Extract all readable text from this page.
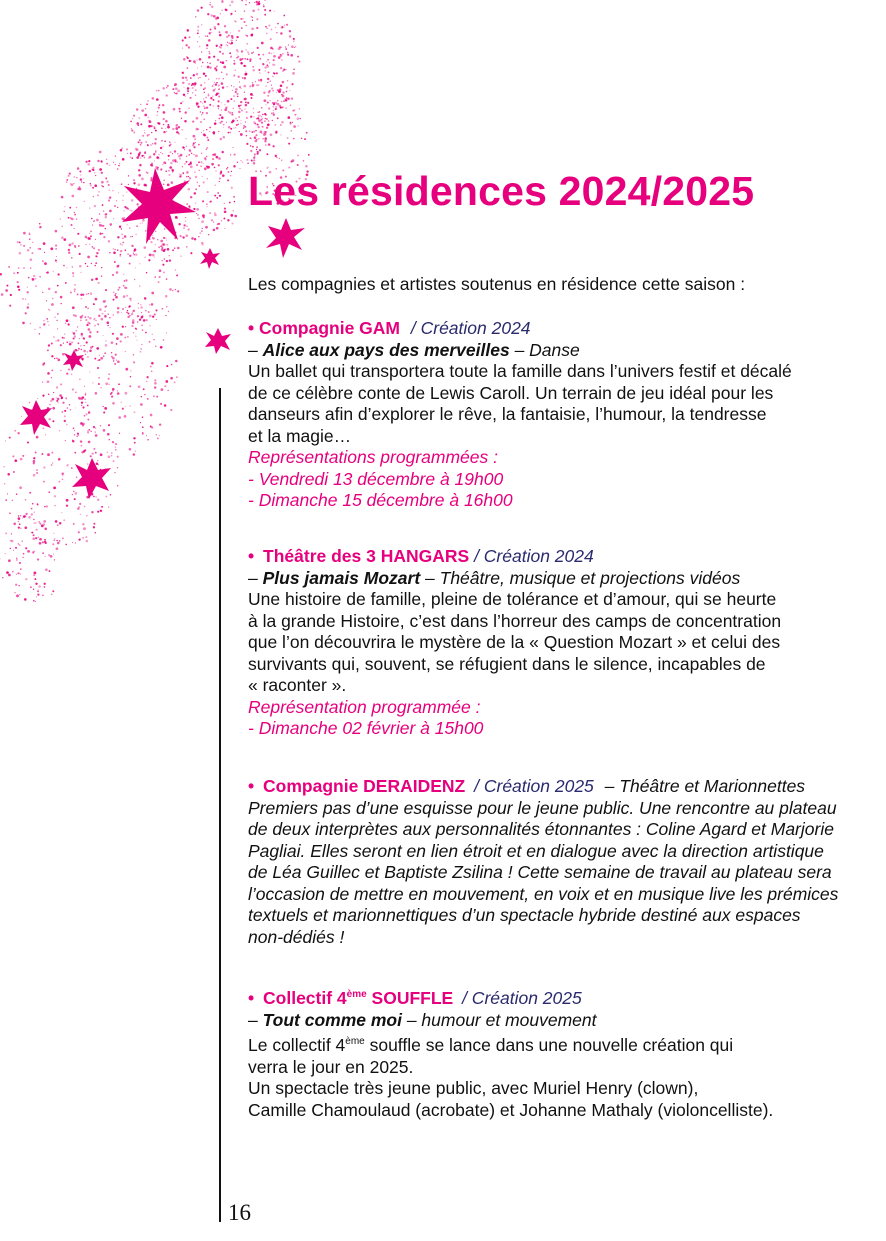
Les résidences 2024/2025
Les compagnies et artistes soutenus en résidence cette saison :
• Compagnie GAM / Création 2024
– Alice aux pays des merveilles – Danse
Un ballet qui transportera toute la famille dans l’univers festif et décalé
de ce célèbre conte de Lewis Caroll. Un terrain de jeu idéal pour les
danseurs afin d’explorer le rêve, la fantaisie, l’humour, la tendresse
et la magie…
Représentations programmées :
- Vendredi 13 décembre à 19h00
- Dimanche 15 décembre à 16h00
• Théâtre des 3 HANGARS / Création 2024
– Plus jamais Mozart – Théâtre, musique et projections vidéos
Une histoire de famille, pleine de tolérance et d’amour, qui se heurte
à la grande Histoire, c’est dans l’horreur des camps de concentration
que l’on découvrira le mystère de la « Question Mozart » et celui des
survivants qui, souvent, se réfugient dans le silence, incapables de
« raconter ».
Représentation programmée :
- Dimanche 02 février à 15h00
• Compagnie DERAIDENZ / Création 2025 – Théâtre et Marionnettes
Premiers pas d’une esquisse pour le jeune public. Une rencontre au plateau
de deux interprètes aux personnalités étonnantes : Coline Agard et Marjorie
Pagliai. Elles seront en lien étroit et en dialogue avec la direction artistique
de Léa Guillec et Baptiste Zsilina ! Cette semaine de travail au plateau sera
l’occasion de mettre en mouvement, en voix et en musique live les prémices
textuels et marionnettiques d’un spectacle hybride destiné aux espaces
non-dédiés !
• Collectif 4ème SOUFFLE / Création 2025
– Tout comme moi – humour et mouvement
Le collectif 4ème souffle se lance dans une nouvelle création qui
verra le jour en 2025.
Un spectacle très jeune public, avec Muriel Henry (clown),
Camille Chamoulaud (acrobate) et Johanne Mathaly (violoncelliste).
16
